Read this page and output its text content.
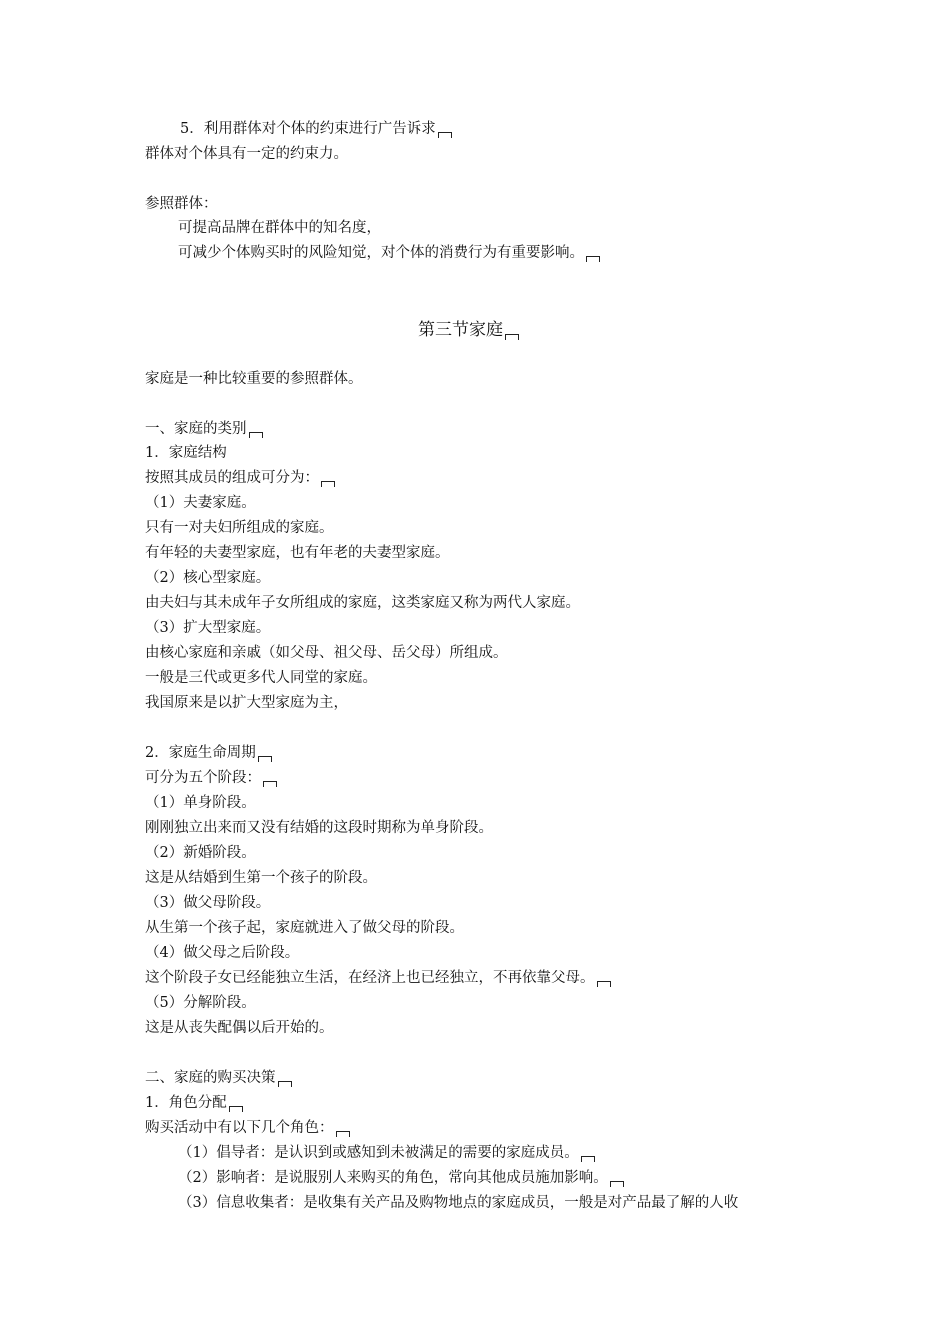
5．利用群体对个体的约束进行广告诉求
群体对个体具有一定的约束力。
参照群体：
可提高品牌在群体中的知名度，
可减少个体购买时的风险知觉，对个体的消费行为有重要影响。
第三节家庭
家庭是一种比较重要的参照群体。
一、家庭的类别
1．家庭结构
按照其成员的组成可分为：
（1）夫妻家庭。
只有一对夫妇所组成的家庭。
有年轻的夫妻型家庭，也有年老的夫妻型家庭。
（2）核心型家庭。
由夫妇与其未成年子女所组成的家庭，这类家庭又称为两代人家庭。
（3）扩大型家庭。
由核心家庭和亲戚（如父母、祖父母、岳父母）所组成。
一般是三代或更多代人同堂的家庭。
我国原来是以扩大型家庭为主，
2．家庭生命周期
可分为五个阶段：
（1）单身阶段。
刚刚独立出来而又没有结婚的这段时期称为单身阶段。
（2）新婚阶段。
这是从结婚到生第一个孩子的阶段。
（3）做父母阶段。
从生第一个孩子起，家庭就进入了做父母的阶段。
（4）做父母之后阶段。
这个阶段子女已经能独立生活，在经济上也已经独立，不再依靠父母。
（5）分解阶段。
这是从丧失配偶以后开始的。
二、家庭的购买决策
1．角色分配
购买活动中有以下几个角色：
（1）倡导者：是认识到或感知到未被满足的需要的家庭成员。
（2）影响者：是说服别人来购买的角色，常向其他成员施加影响。
（3）信息收集者：是收集有关产品及购物地点的家庭成员，一般是对产品最了解的人收
